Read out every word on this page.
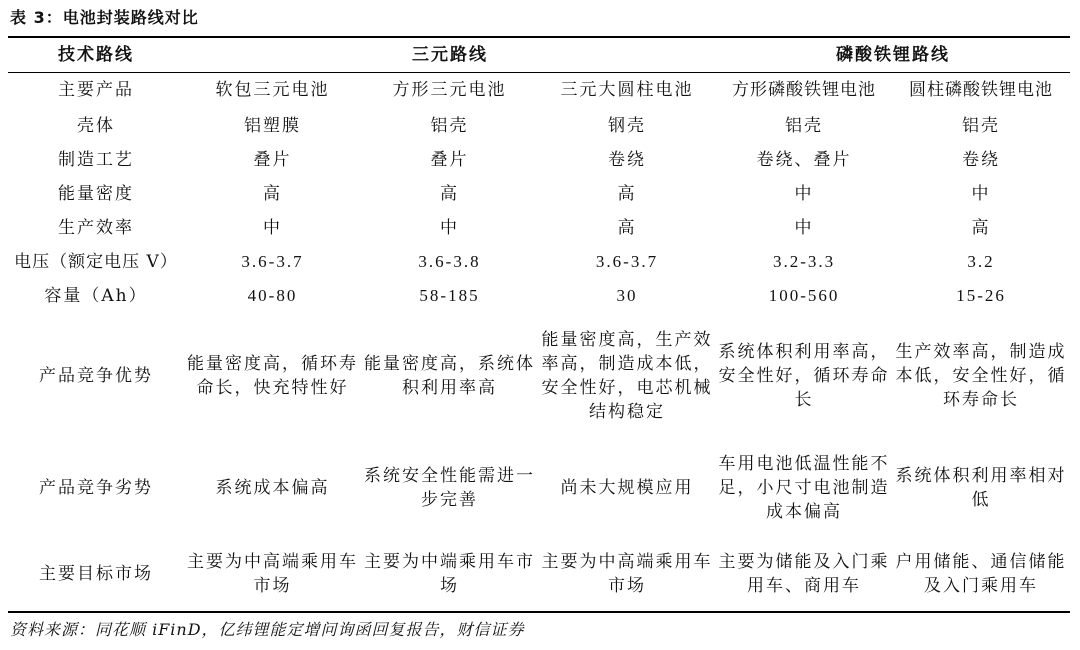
表 3：电池封装路线对比
技术路线	三元路线			磷酸铁锂路线	
主要产品	软包三元电池	方形三元电池	三元大圆柱电池	方形磷酸铁锂电池	圆柱磷酸铁锂电池
壳体	铝塑膜	铝壳	钢壳	铝壳	铝壳
制造工艺	叠片	叠片	卷绕	卷绕、叠片	卷绕
能量密度	高	高	高	中	中
生产效率	中	中	高	中	高
电压（额定电压 V）	3.6-3.7	3.6-3.8	3.6-3.7	3.2-3.3	3.2
容量（Ah）	40-80	58-185	30	100-560	15-26
产品竞争优势	能量密度高，循环寿命长，快充特性好	能量密度高，系统体积利用率高	能量密度高，生产效率高，制造成本低，安全性好，电芯机械结构稳定	系统体积利用率高，安全性好，循环寿命长	生产效率高，制造成本低，安全性好，循环寿命长
产品竞争劣势	系统成本偏高	系统安全性能需进一步完善	尚未大规模应用	车用电池低温性能不足，小尺寸电池制造成本偏高	系统体积利用率相对低
主要目标市场	主要为中高端乘用车市场	主要为中端乘用车市场	主要为中高端乘用车市场	主要为储能及入门乘用车、商用车	户用储能、通信储能及入门乘用车
资料来源：同花顺 iFinD，亿纬锂能定增问询函回复报告，财信证券
